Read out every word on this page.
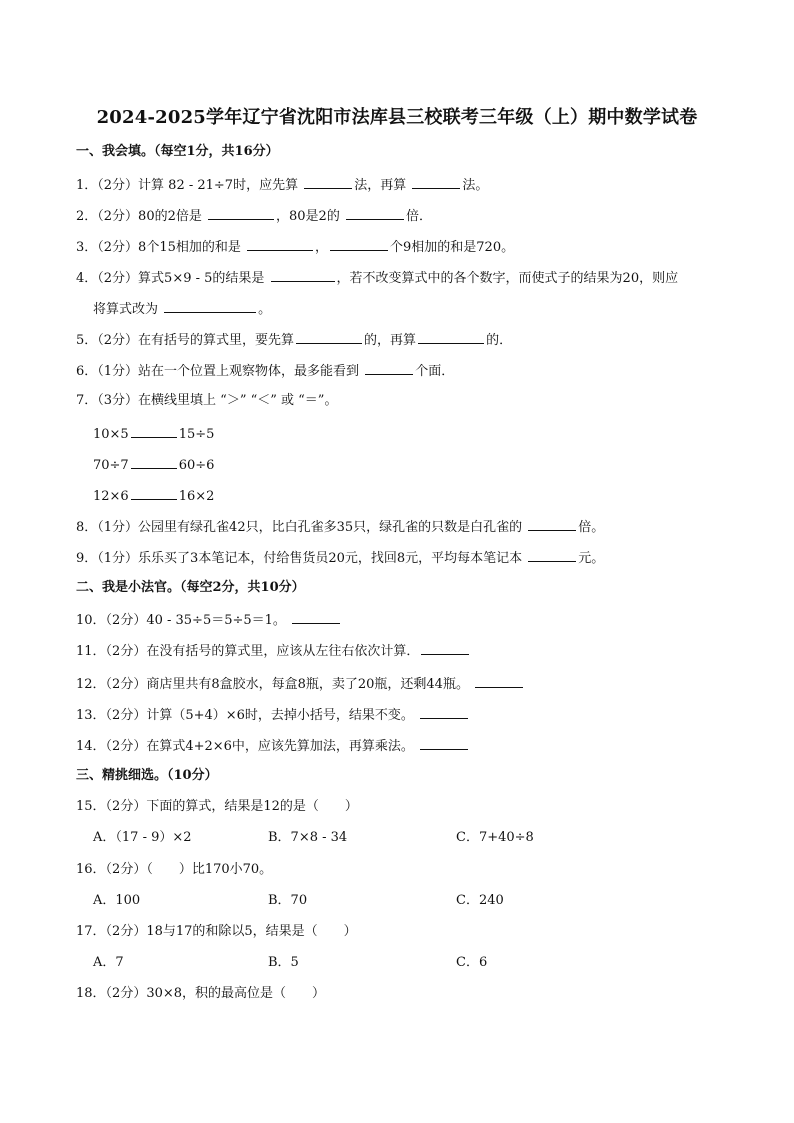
2024-2025学年辽宁省沈阳市法库县三校联考三年级（上）期中数学试卷
一、我会填。（每空1分，共16分）
1．（2分）计算 82 - 21÷7时，应先算	法，再算	法。
2．（2分）80的2倍是	，80是2的	倍．
3．（2分）8个15相加的和是	，	个9相加的和是720。
4．（2分）算式5×9 - 5的结果是	，若不改变算式中的各个数字，而使式子的结果为20，则应
将算式改为	。
5．（2分）在有括号的算式里，要先算	的，再算	的．
6．（1分）站在一个位置上观察物体，最多能看到	个面．
7．（3分）在横线里填上 “＞” “＜” 或 “＝”。
10×5	15÷5
70÷7	60÷6
12×6	16×2
8．（1分）公园里有绿孔雀42只，比白孔雀多35只，绿孔雀的只数是白孔雀的	倍。
9．（1分）乐乐买了3本笔记本，付给售货员20元，找回8元，平均每本笔记本	元。
二、我是小法官。（每空2分，共10分）
10．（2分）40 - 35÷5＝5÷5＝1。
11．（2分）在没有括号的算式里，应该从左往右依次计算．
12．（2分）商店里共有8盒胶水，每盒8瓶，卖了20瓶，还剩44瓶。
13．（2分）计算（5+4）×6时，去掉小括号，结果不变。
14．（2分）在算式4+2×6中，应该先算加法，再算乘法。
三、精挑细选。（10分）
15．（2分）下面的算式，结果是12的是（　　）
A．（17 - 9）×2	B．7×8 - 34	C．7+40÷8
16．（2分）（　　）比170小70。
A．100	B．70	C．240
17．（2分）18与17的和除以5，结果是（　　）
A．7	B．5	C．6
18．（2分）30×8，积的最高位是（　　）
